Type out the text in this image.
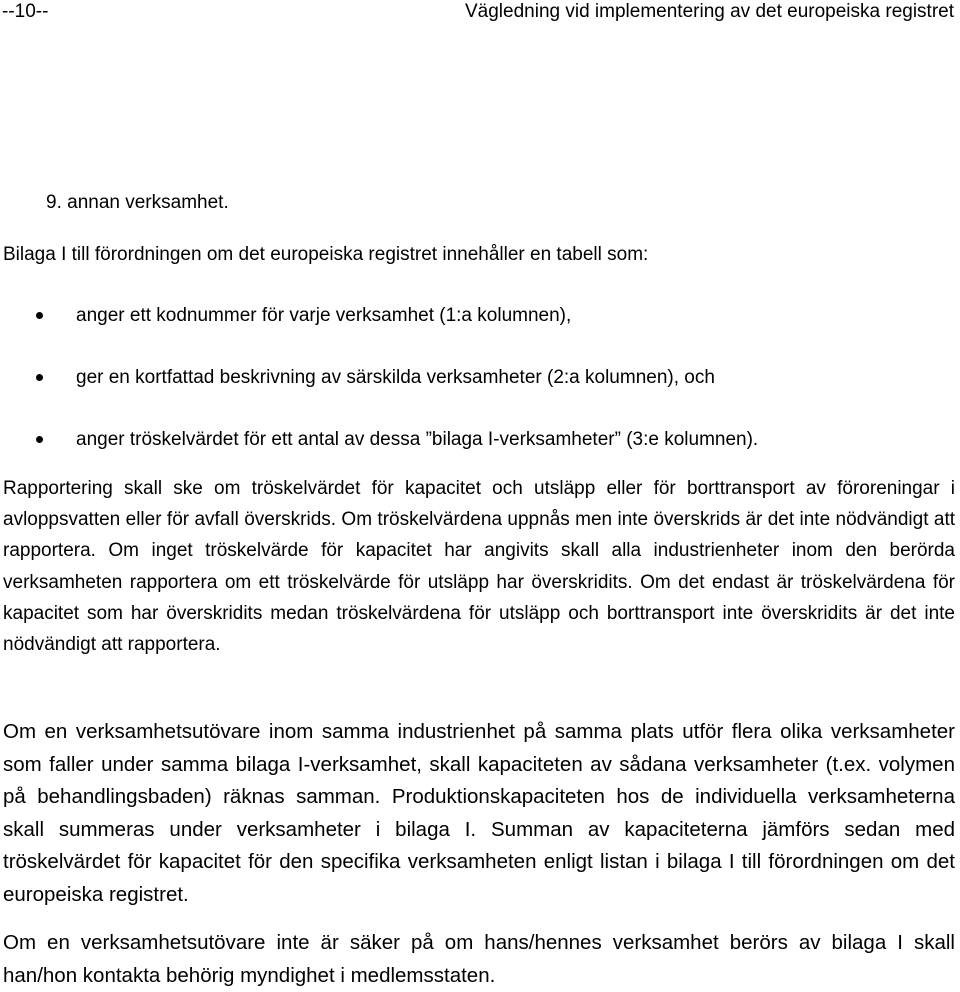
--10--	Vägledning vid implementering av det europeiska registret
9. annan verksamhet.
Bilaga I till förordningen om det europeiska registret innehåller en tabell som:
anger ett kodnummer för varje verksamhet (1:a kolumnen),
ger en kortfattad beskrivning av särskilda verksamheter (2:a kolumnen), och
anger tröskelvärdet för ett antal av dessa ”bilaga I-verksamheter” (3:e kolumnen).

Rapportering skall ske om tröskelvärdet för kapacitet och utsläpp eller för borttransport av föroreningar i avloppsvatten eller för avfall överskrids. Om tröskelvärdena uppnås men inte överskrids är det inte nödvändigt att rapportera. Om inget tröskelvärde för kapacitet har angivits skall alla industrienheter inom den berörda verksamheten rapportera om ett tröskelvärde för utsläpp har överskridits. Om det endast är tröskelvärdena för kapacitet som har överskridits medan tröskelvärdena för utsläpp och borttransport inte överskridits är det inte nödvändigt att rapportera.

Om en verksamhetsutövare inom samma industrienhet på samma plats utför flera olika verksamheter som faller under samma bilaga I-verksamhet, skall kapaciteten av sådana verksamheter (t.ex. volymen på behandlingsbaden) räknas samman. Produktionskapaciteten hos de individuella verksamheterna skall summeras under verksamheter i bilaga I. Summan av kapaciteterna jämförs sedan med tröskelvärdet för kapacitet för den specifika verksamheten enligt listan i bilaga I till förordningen om det europeiska registret.

Om en verksamhetsutövare inte är säker på om hans/hennes verksamhet berörs av bilaga I skall han/hon kontakta behörig myndighet i medlemsstaten.
